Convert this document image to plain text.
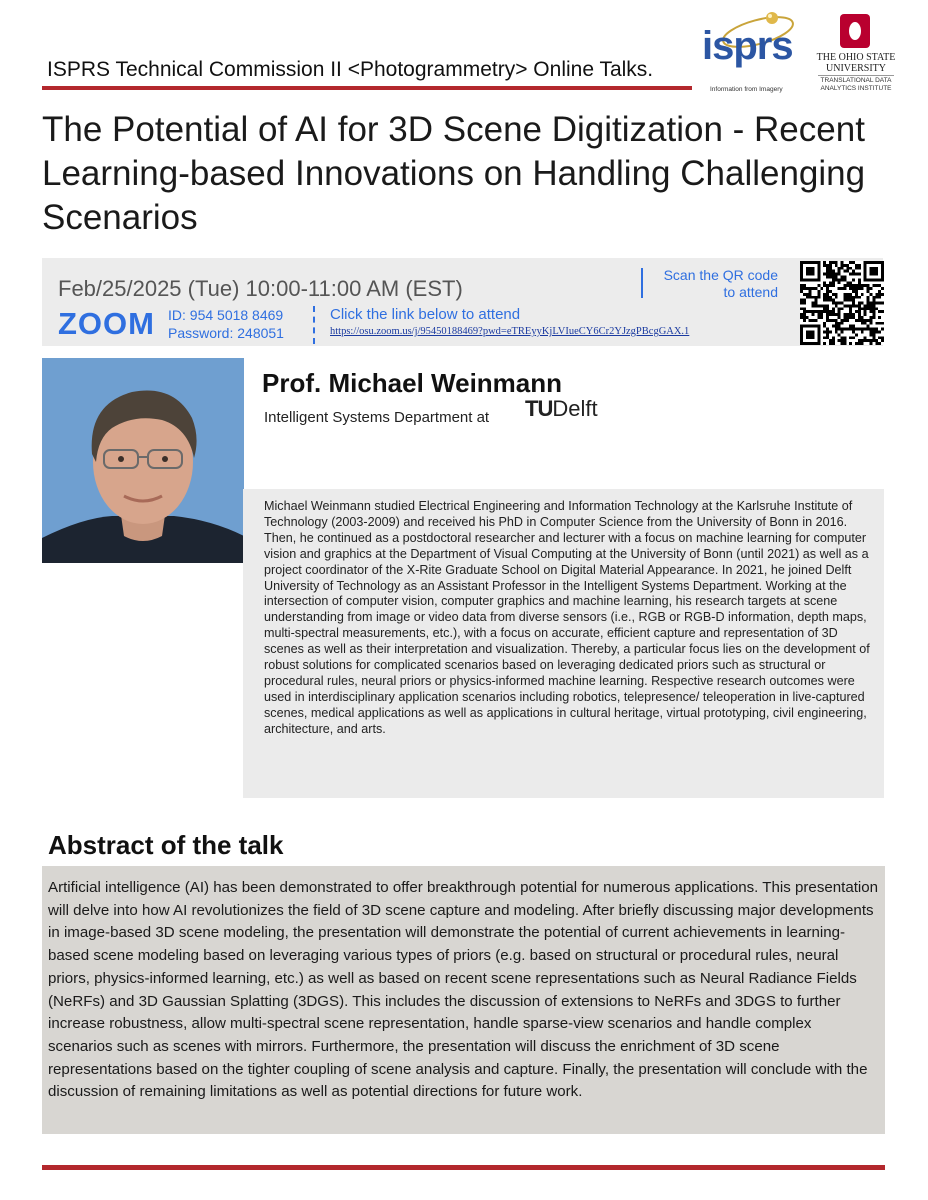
ISPRS Technical Commission II <Photogrammetry> Online Talks.
isprs
Information from Imagery
THE OHIO STATE
UNIVERSITY
TRANSLATIONAL DATA
ANALYTICS INSTITUTE
The Potential of AI for 3D Scene Digitization - Recent Learning-based Innovations on Handling Challenging Scenarios
Feb/25/2025 (Tue) 10:00-11:00 AM (EST)
ZOOM ID: 954 5018 8469
Password: 248051
Click the link below to attend
https://osu.zoom.us/j/95450188469?pwd=eTREyyKjLVIueCY6Cr2YJzgPBcgGAX.1
Scan the QR code
to attend
Prof. Michael Weinmann
Intelligent Systems Department at TUDelft
Michael Weinmann studied Electrical Engineering and Information Technology at the Karlsruhe Institute of Technology (2003-2009) and received his PhD in Computer Science from the University of Bonn in 2016. Then, he continued as a postdoctoral researcher and lecturer with a focus on machine learning for computer vision and graphics at the Department of Visual Computing at the University of Bonn (until 2021) as well as a project coordinator of the X-Rite Graduate School on Digital Material Appearance. In 2021, he joined Delft University of Technology as an Assistant Professor in the Intelligent Systems Department. Working at the intersection of computer vision, computer graphics and machine learning, his research targets at scene understanding from image or video data from diverse sensors (i.e., RGB or RGB-D information, depth maps, multi-spectral measurements, etc.), with a focus on accurate, efficient capture and representation of 3D scenes as well as their interpretation and visualization. Thereby, a particular focus lies on the development of robust solutions for complicated scenarios based on leveraging dedicated priors such as structural or procedural rules, neural priors or physics-informed machine learning. Respective research outcomes were used in interdisciplinary application scenarios including robotics, telepresence/ teleoperation in live-captured scenes, medical applications as well as applications in cultural heritage, virtual prototyping, civil engineering, architecture, and arts.
Abstract of the talk
Artificial intelligence (AI) has been demonstrated to offer breakthrough potential for numerous applications. This presentation will delve into how AI revolutionizes the field of 3D scene capture and modeling. After briefly discussing major developments in image-based 3D scene modeling, the presentation will demonstrate the potential of current achievements in learning-based scene modeling based on leveraging various types of priors (e.g. based on structural or procedural rules, neural priors, physics-informed learning, etc.) as well as based on recent scene representations such as Neural Radiance Fields (NeRFs) and 3D Gaussian Splatting (3DGS). This includes the discussion of extensions to NeRFs and 3DGS to further increase robustness, allow multi-spectral scene representation, handle sparse-view scenarios and handle complex scenarios such as scenes with mirrors. Furthermore, the presentation will discuss the enrichment of 3D scene representations based on the tighter coupling of scene analysis and capture. Finally, the presentation will conclude with the discussion of remaining limitations as well as potential directions for future work.
